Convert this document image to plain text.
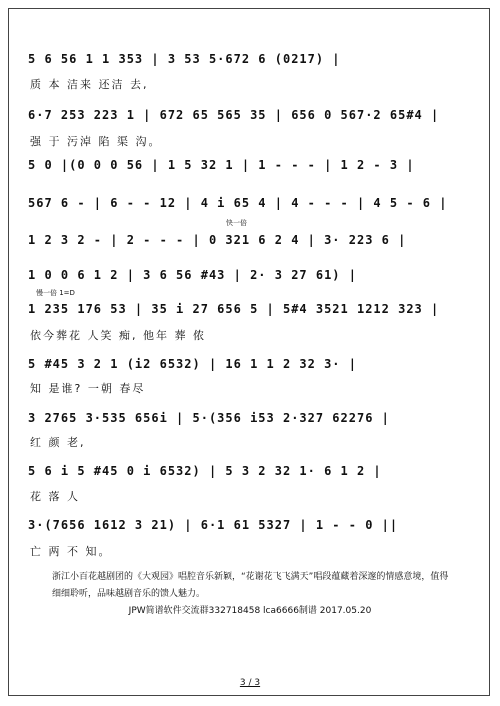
5 6 56 1 1 353 | 3 53 5·672 6 (0217) |
质 本 洁来 还洁 去,
6·7 253 223 1 | 672 65 565 35 | 656 0 567·2 65#4 |
强 于 污淖 陷 渠 沟。
5 0 |(0 0 0 56 | 1 5 32 1 | 1 - - - | 1 2 - 3 |
567 6 - | 6 - - 12 | 4 i 65 4 | 4 - - - | 4 5 - 6 |
快一倍
1 2 3 2 - | 2 - - - | 0 321 6 2 4 | 3· 223 6 |
1 0 0 6 1 2 | 3 6 56 #43 | 2· 3 27 61) |
慢一倍 1=D
1 235 176 53 | 35 i 27 656 5 | 5#4 3521 1212 323 |
依今葬花 人笑 痴, 他年 葬 侬
5 #45 3 2 1 (i2 6532) | 16 1 1 2 32 3· |
知 是谁? 一朝 春尽
3 2765 3·535 656i | 5·(356 i53 2·327 62276 |
红 颜 老,
5 6 i 5 #45 0 i 6532) | 5 3 2 32 1· 6 1 2 |
花 落 人
3·(7656 1612 3 21) | 6·1 61 5327 | 1 - - 0 ||
亡 两 不 知。
浙江小百花越剧团的《大观园》唱腔音乐新颖，“花谢花飞飞满天”唱段蕴藏着深邃的情感意境，值得细细聆听，品味越剧音乐的馈人魅力。
JPW简谱软件交流群332718458 lca6666制谱 2017.05.20
3 / 3
